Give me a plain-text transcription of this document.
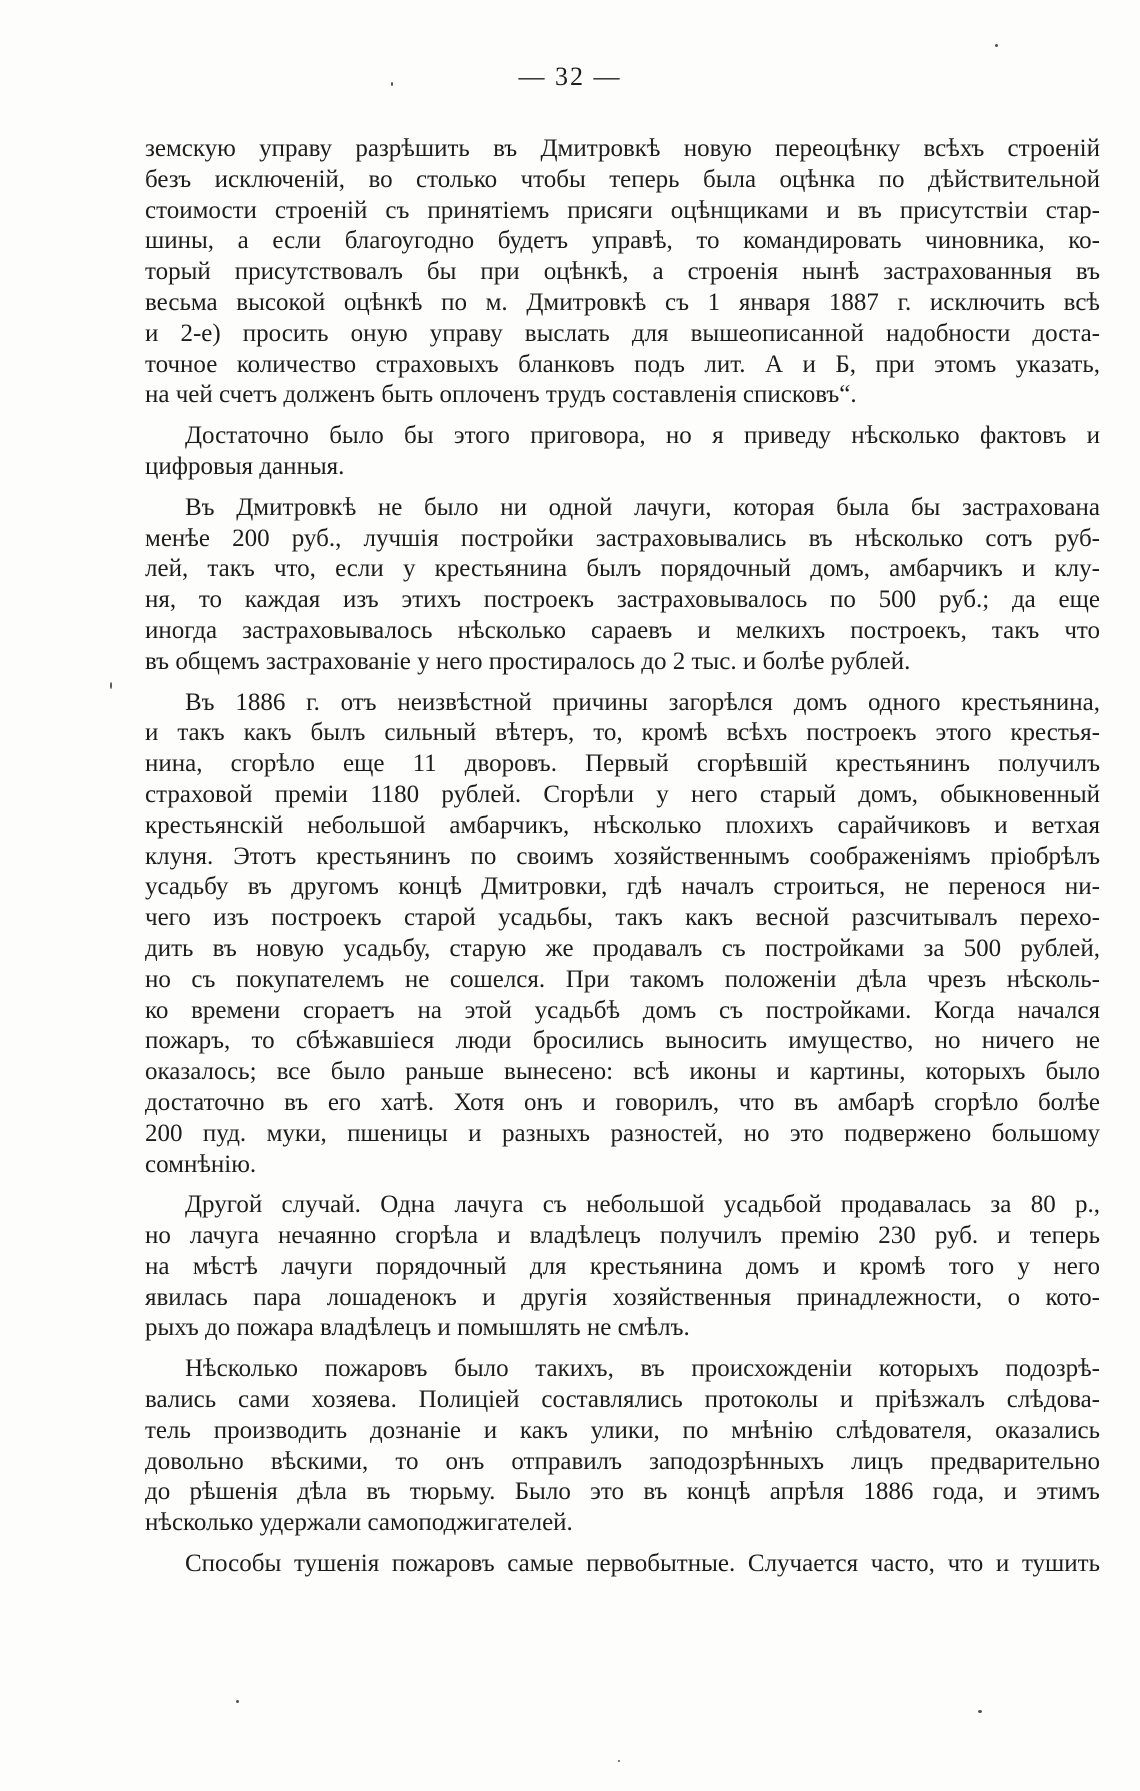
— 32 —
земскую управу разрѣшить въ Дмитровкѣ новую переоцѣнку всѣхъ строеній
безъ исключеній, во столько чтобы теперь была оцѣнка по дѣйствительной
стоимости строеній съ принятіемъ присяги оцѣнщиками и въ присутствіи стар-
шины, а если благоугодно будетъ управѣ, то командировать чиновника, ко-
торый присутствовалъ бы при оцѣнкѣ, а строенія нынѣ застрахованныя въ
весьма высокой оцѣнкѣ по м. Дмитровкѣ съ 1 января 1887 г. исключить всѣ
и 2-е) просить оную управу выслать для вышеописанной надобности доста-
точное количество страховыхъ бланковъ подъ лит. А и Б, при этомъ указать,
на чей счетъ долженъ быть оплоченъ трудъ составленія списковъ“.
Достаточно было бы этого приговора, но я приведу нѣсколько фактовъ и
цифровыя данныя.
Въ Дмитровкѣ не было ни одной лачуги, которая была бы застрахована
менѣе 200 руб., лучшія постройки застраховывались въ нѣсколько сотъ руб-
лей, такъ что, если у крестьянина былъ порядочный домъ, амбарчикъ и клу-
ня, то каждая изъ этихъ построекъ застраховывалось по 500 руб.; да еще
иногда застраховывалось нѣсколько сараевъ и мелкихъ построекъ, такъ что
въ общемъ застрахованіе у него простиралось до 2 тыс. и болѣе рублей.
Въ 1886 г. отъ неизвѣстной причины загорѣлся домъ одного крестьянина,
и такъ какъ былъ сильный вѣтеръ, то, кромѣ всѣхъ построекъ этого крестья-
нина, сгорѣло еще 11 дворовъ. Первый сгорѣвшій крестьянинъ получилъ
страховой преміи 1180 рублей. Сгорѣли у него старый домъ, обыкновенный
крестьянскій небольшой амбарчикъ, нѣсколько плохихъ сарайчиковъ и ветхая
клуня. Этотъ крестьянинъ по своимъ хозяйственнымъ соображеніямъ пріобрѣлъ
усадьбу въ другомъ концѣ Дмитровки, гдѣ началъ строиться, не перенося ни-
чего изъ построекъ старой усадьбы, такъ какъ весной разсчитывалъ перехо-
дить въ новую усадьбу, старую же продавалъ съ постройками за 500 рублей,
но съ покупателемъ не сошелся. При такомъ положеніи дѣла чрезъ нѣсколь-
ко времени сгораетъ на этой усадьбѣ домъ съ постройками. Когда начался
пожаръ, то сбѣжавшіеся люди бросились выносить имущество, но ничего не
оказалось; все было раньше вынесено: всѣ иконы и картины, которыхъ было
достаточно въ его хатѣ. Хотя онъ и говорилъ, что въ амбарѣ сгорѣло болѣе
200 пуд. муки, пшеницы и разныхъ разностей, но это подвержено большому
сомнѣнію.
Другой случай. Одна лачуга съ небольшой усадьбой продавалась за 80 р.,
но лачуга нечаянно сгорѣла и владѣлецъ получилъ премію 230 руб. и теперь
на мѣстѣ лачуги порядочный для крестьянина домъ и кромѣ того у него
явилась пара лошаденокъ и другія хозяйственныя принадлежности, о кото-
рыхъ до пожара владѣлецъ и помышлять не смѣлъ.
Нѣсколько пожаровъ было такихъ, въ происхожденіи которыхъ подозрѣ-
вались сами хозяева. Полиціей составлялись протоколы и пріѣзжалъ слѣдова-
тель производить дознаніе и какъ улики, по мнѣнію слѣдователя, оказались
довольно вѣскими, то онъ отправилъ заподозрѣнныхъ лицъ предварительно
до рѣшенія дѣла въ тюрьму. Было это въ концѣ апрѣля 1886 года, и этимъ
нѣсколько удержали самоподжигателей.
Способы тушенія пожаровъ самые первобытные. Случается часто, что и тушить
